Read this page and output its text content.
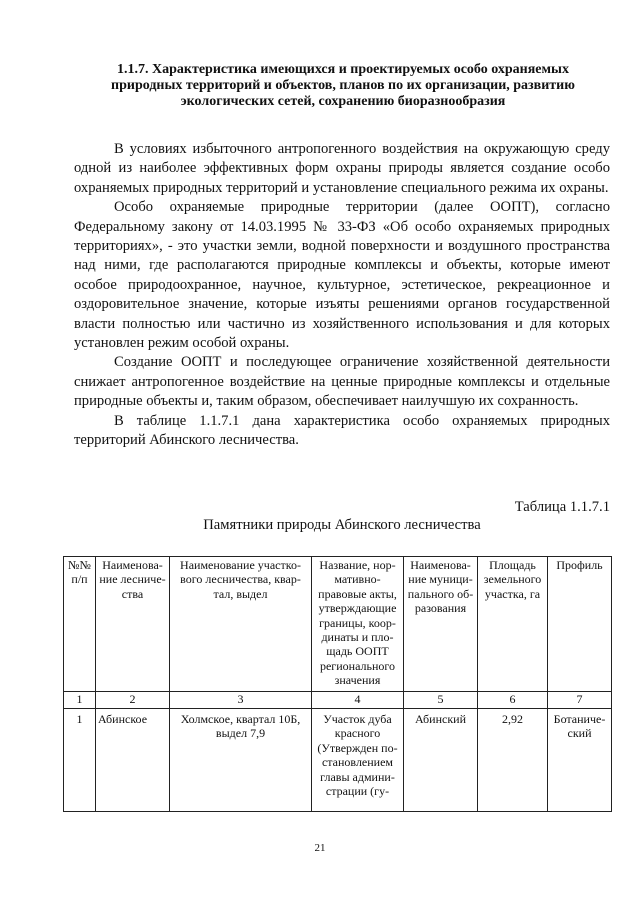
1.1.7. Характеристика имеющихся и проектируемых особо охраняемых
природных территорий и объектов, планов по их организации, развитию
экологических сетей, сохранению биоразнообразия

В условиях избыточного антропогенного воздействия на окружающую среду одной из наиболее эффективных форм охраны природы является создание особо охраняемых природных территорий и установление специального режима их охраны.

Особо охраняемые природные территории (далее ООПТ), согласно Федеральному закону от 14.03.1995 № 33-ФЗ «Об особо охраняемых природных территориях», - это участки земли, водной поверхности и воздушного пространства над ними, где располагаются природные комплексы и объекты, которые имеют особое природоохранное, научное, культурное, эстетическое, рекреационное и оздоровительное значение, которые изъяты решениями органов государственной власти полностью или частично из хозяйственного использования и для которых установлен режим особой охраны.

Создание ООПТ и последующее ограничение хозяйственной деятельности снижает антропогенное воздействие на ценные природные комплексы и отдельные природные объекты и, таким образом, обеспечивает наилучшую их сохранность.

В таблице 1.1.7.1 дана характеристика особо охраняемых природных территорий Абинского лесничества.

Таблица 1.1.7.1
Памятники природы Абинского лесничества
№№ п/п	Наименова-ние лесниче-ства	Наименование участко-вого лесничества, квар-тал, выдел	Название, нор-мативно-правовые акты, утверждающие границы, коор-динаты и пло-щадь ООПТ регионального значения	Наименова-ние муници-пального об-разования	Площадь земельного участка, га	Профиль
1	2	3	4	5	6	7
1	Абинское	Холмское, квартал 10Б, выдел 7,9	Участок дуба красного (Утвержден по-становлением главы админи-страции (гу-	Абинский	2,92	Ботаниче-ский
21
